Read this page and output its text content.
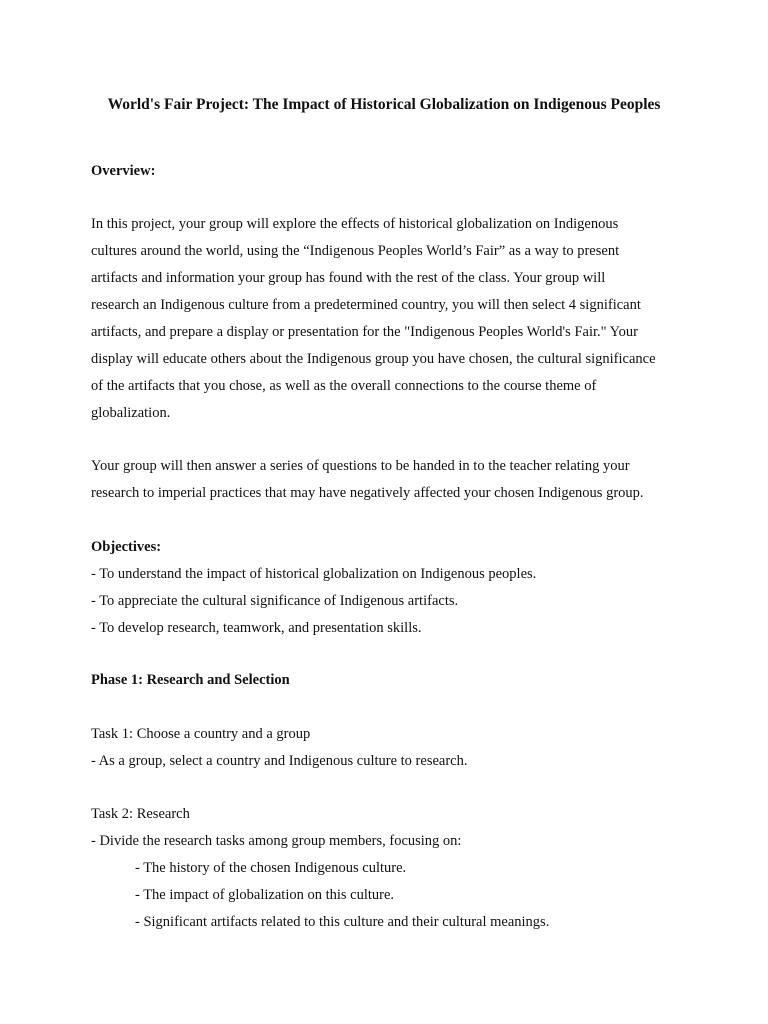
World's Fair Project: The Impact of Historical Globalization on Indigenous Peoples

Overview:

In this project, your group will explore the effects of historical globalization on Indigenous

cultures around the world, using the “Indigenous Peoples World’s Fair” as a way to present

artifacts and information your group has found with the rest of the class. Your group will

research an Indigenous culture from a predetermined country, you will then select 4 significant

artifacts, and prepare a display or presentation for the "Indigenous Peoples World's Fair." Your

display will educate others about the Indigenous group you have chosen, the cultural significance

of the artifacts that you chose, as well as the overall connections to the course theme of

globalization.

Your group will then answer a series of questions to be handed in to the teacher relating your

research to imperial practices that may have negatively affected your chosen Indigenous group.

Objectives:

- To understand the impact of historical globalization on Indigenous peoples.

- To appreciate the cultural significance of Indigenous artifacts.

- To develop research, teamwork, and presentation skills.

Phase 1: Research and Selection

Task 1: Choose a country and a group

- As a group, select a country and Indigenous culture to research.

Task 2: Research

- Divide the research tasks among group members, focusing on:

- The history of the chosen Indigenous culture.

- The impact of globalization on this culture.

- Significant artifacts related to this culture and their cultural meanings.
